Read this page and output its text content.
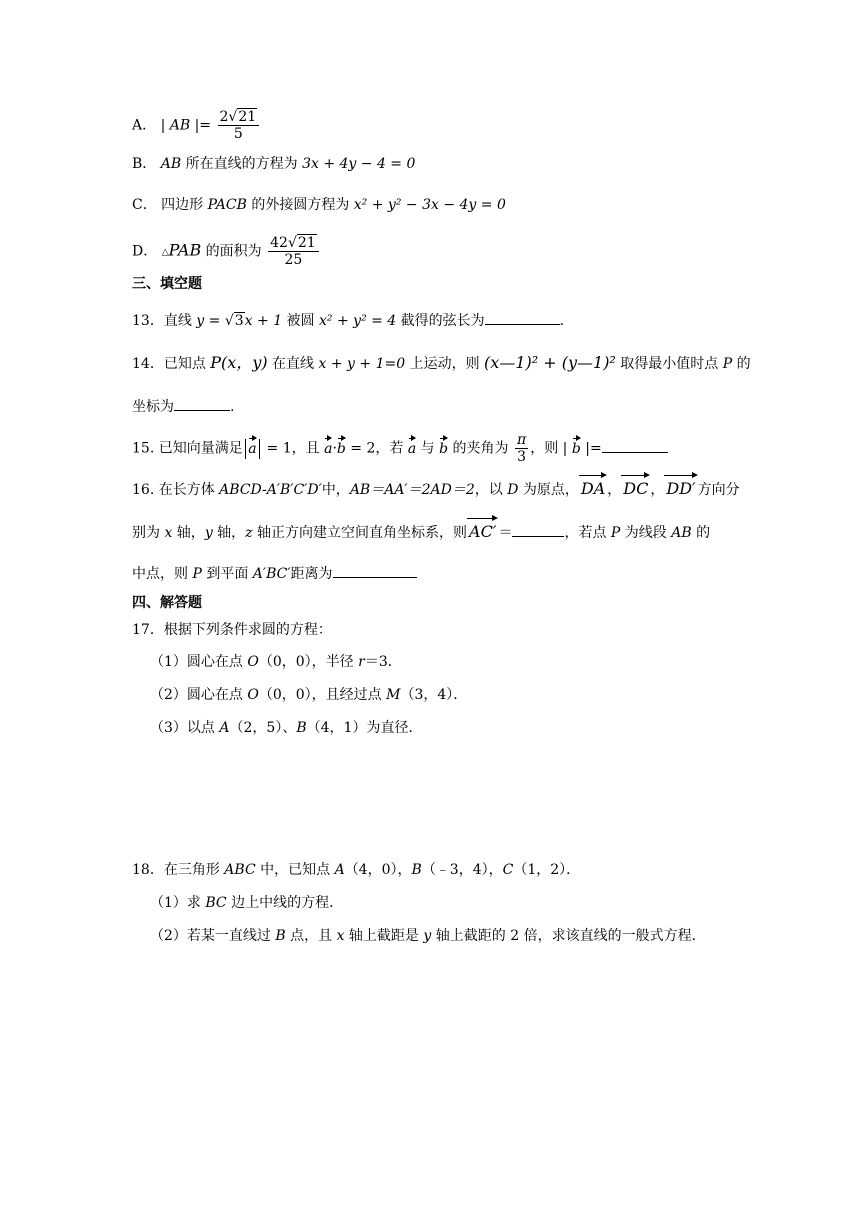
A． | AB |= $\frac{2√21}{5}$
B． AB 所在直线的方程为 3x + 4y − 4 = 0
C． 四边形 PACB 的外接圆方程为 x² + y² − 3x − 4y = 0
D． △PAB 的面积为 $\frac{42√21}{25}$
三、填空题
13．直线 y = √3x + 1 被圆 x² + y² = 4 截得的弦长为	.
14．已知点 P(x，y) 在直线 x + y + 1=0 上运动，则 (x—1)² + (y—1)² 取得最小值时点 P 的
坐标为	.
15. 已知向量满足 a = 1，且 a·b = 2，若 a 与 b 的夹角为 $\frac{\pi}{3}$ ，则 | b |=
16. 在长方体 ABCD-A′B′C′D′中，AB＝AA′＝2AD＝2，以 D 为原点， DA ， DC ， DD′ 方向分
别为 x 轴，y 轴，z 轴正方向建立空间直角坐标系，则 AC′ ＝	，若点 P 为线段 AB 的
中点，则 P 到平面 A′BC′距离为
四、解答题
17．根据下列条件求圆的方程：
（1）圆心在点 O（0，0），半径 r＝3．
（2）圆心在点 O（0，0），且经过点 M（3，4）．
（3）以点 A（2，5）、B（4，1）为直径．
18．在三角形 ABC 中，已知点 A（4，0），B（﹣3，4），C（1，2）．
（1）求 BC 边上中线的方程．
（2）若某一直线过 B 点，且 x 轴上截距是 y 轴上截距的 2 倍，求该直线的一般式方程．
